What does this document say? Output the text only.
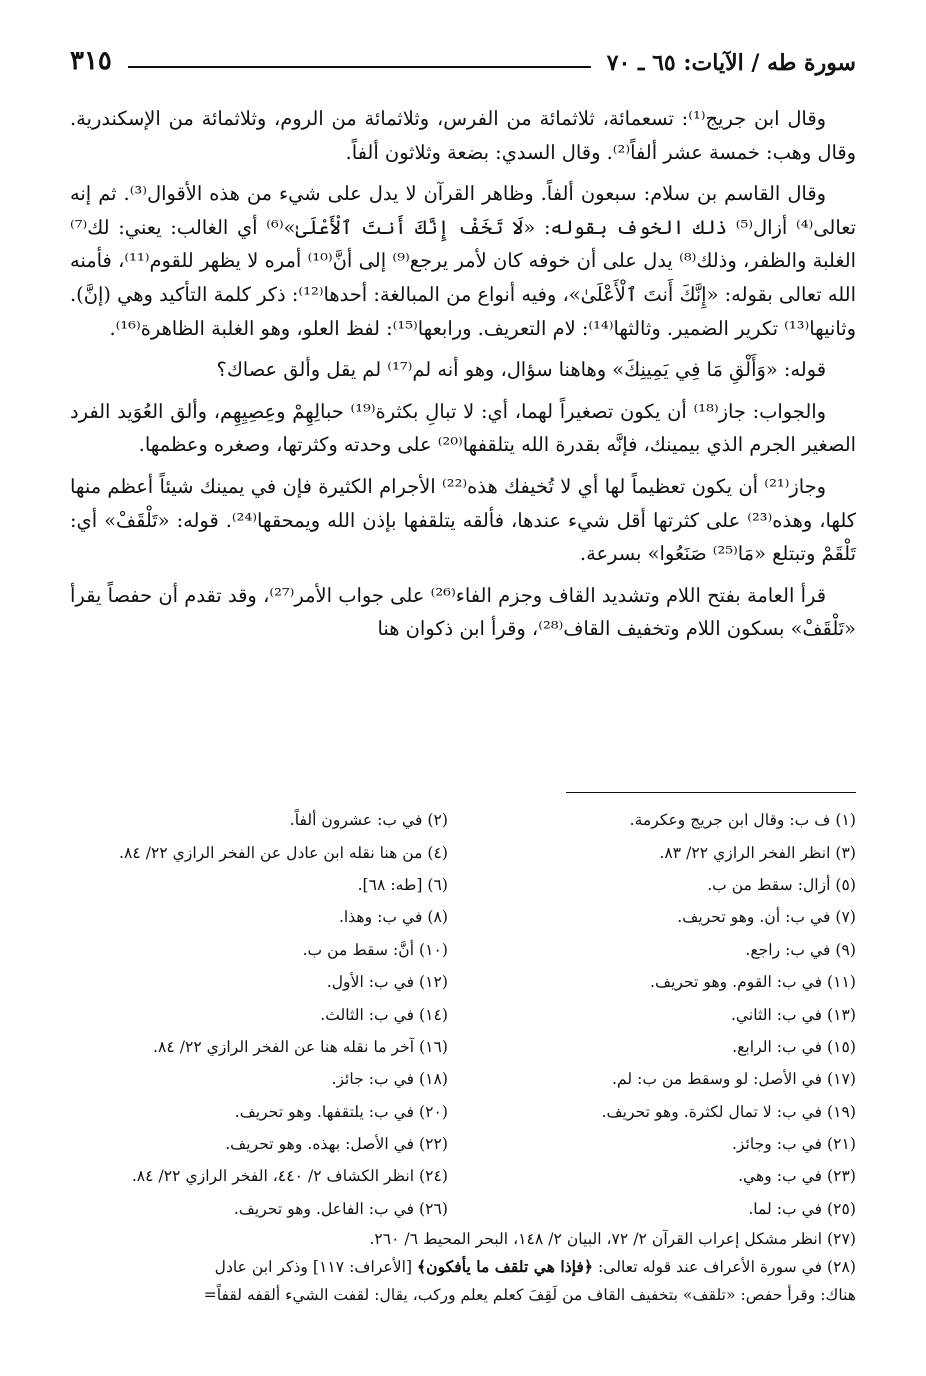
سورة طه / الآيات: ٦٥ ـ ٧٠
٣١٥

وقال ابن جريج⁽¹⁾: تسعمائة، ثلاثمائة من الفرس، وثلاثمائة من الروم، وثلاثمائة من الإسكندرية. وقال وهب: خمسة عشر ألفاً⁽²⁾. وقال السدي: بضعة وثلاثون ألفاً.

وقال القاسم بن سلام: سبعون ألفاً. وظاهر القرآن لا يدل على شيء من هذه الأقوال⁽³⁾. ثم إنه تعالى⁽⁴⁾ أزال⁽⁵⁾ ذلك الخوف بقوله: «لَا تَخَفْ إِنَّكَ أَنتَ ٱلْأَعْلَىٰ»⁽⁶⁾ أي الغالب: يعني: لك⁽⁷⁾ الغلبة والظفر، وذلك⁽⁸⁾ يدل على أن خوفه كان لأمر يرجع⁽⁹⁾ إلى أنَّ⁽¹⁰⁾ أمره لا يظهر للقوم⁽¹¹⁾، فأمنه الله تعالى بقوله: «إِنَّكَ أَنتَ ٱلْأَعْلَىٰ»، وفيه أنواع من المبالغة: أحدها⁽¹²⁾: ذكر كلمة التأكيد وهي (إنَّ). وثانيها⁽¹³⁾ تكرير الضمير. وثالثها⁽¹⁴⁾: لام التعريف. ورابعها⁽¹⁵⁾: لفظ العلو، وهو الغلبة الظاهرة⁽¹⁶⁾.

قوله: «وَأَلْقِ مَا فِي يَمِينِكَ» وهاهنا سؤال، وهو أنه لم⁽¹⁷⁾ لم يقل وألق عصاك؟

والجواب: جاز⁽¹⁸⁾ أن يكون تصغيراً لهما، أي: لا تبالِ بكثرة⁽¹⁹⁾ حبالِهِمْ وعِصِيِهِم، وألق العُوَيد الفرد الصغير الجرم الذي بيمينك، فإنَّه بقدرة الله يتلقفها⁽²⁰⁾ على وحدته وكثرتها، وصغره وعظمها.

وجاز⁽²¹⁾ أن يكون تعظيماً لها أي لا تُخيفك هذه⁽²²⁾ الأجرام الكثيرة فإن في يمينك شيئاً أعظم منها كلها، وهذه⁽²³⁾ على كثرتها أقل شيء عندها، فألقه يتلقفها بإذن الله ويمحقها⁽²⁴⁾. قوله: «تَلْقَفْ» أي: تَلْقَمْ وتبتلع «مَا⁽²⁵⁾ صَنَعُوا» بسرعة.

قرأ العامة بفتح اللام وتشديد القاف وجزم الفاء⁽²⁶⁾ على جواب الأمر⁽²⁷⁾، وقد تقدم أن حفصاً يقرأ «تَلْقَفْ» بسكون اللام وتخفيف القاف⁽²⁸⁾، وقرأ ابن ذكوان هنا

(١) ف ب: وقال ابن جريج وعكرمة.
(٢) في ب: عشرون ألفاً.
(٣) انظر الفخر الرازي ٢٢/ ٨٣.
(٤) من هنا نقله ابن عادل عن الفخر الرازي ٢٢/ ٨٤.
(٥) أزال: سقط من ب.
(٦) [طه: ٦٨].
(٧) في ب: أن. وهو تحريف.
(٨) في ب: وهذا.
(٩) في ب: راجع.
(١٠) أنَّ: سقط من ب.
(١١) في ب: القوم. وهو تحريف.
(١٢) في ب: الأول.
(١٣) في ب: الثاني.
(١٤) في ب: الثالث.
(١٥) في ب: الرابع.
(١٦) آخر ما نقله هنا عن الفخر الرازي ٢٢/ ٨٤.
(١٧) في الأصل: لو وسقط من ب: لم.
(١٨) في ب: جائز.
(١٩) في ب: لا تمال لكثرة. وهو تحريف.
(٢٠) في ب: يلتقفها. وهو تحريف.
(٢١) في ب: وجائز.
(٢٢) في الأصل: بهذه. وهو تحريف.
(٢٣) في ب: وهي.
(٢٤) انظر الكشاف ٢/ ٤٤٠، الفخر الرازي ٢٢/ ٨٤.
(٢٥) في ب: لما.
(٢٦) في ب: الفاعل. وهو تحريف.
(٢٧) انظر مشكل إعراب القرآن ٢/ ٧٢، البيان ٢/ ١٤٨، البحر المحيط ٦/ ٢٦٠.
(٢٨) في سورة الأعراف عند قوله تعالى: ﴿فإذا هي تلقف ما يأفكون﴾ [الأعراف: ١١٧] وذكر ابن عادل
هناك: وقرأ حفص: «تلقف» بتخفيف القاف من لَقِفَ كعلم يعلم وركب، يقال: لقفت الشيء ألقفه لقفاً=
